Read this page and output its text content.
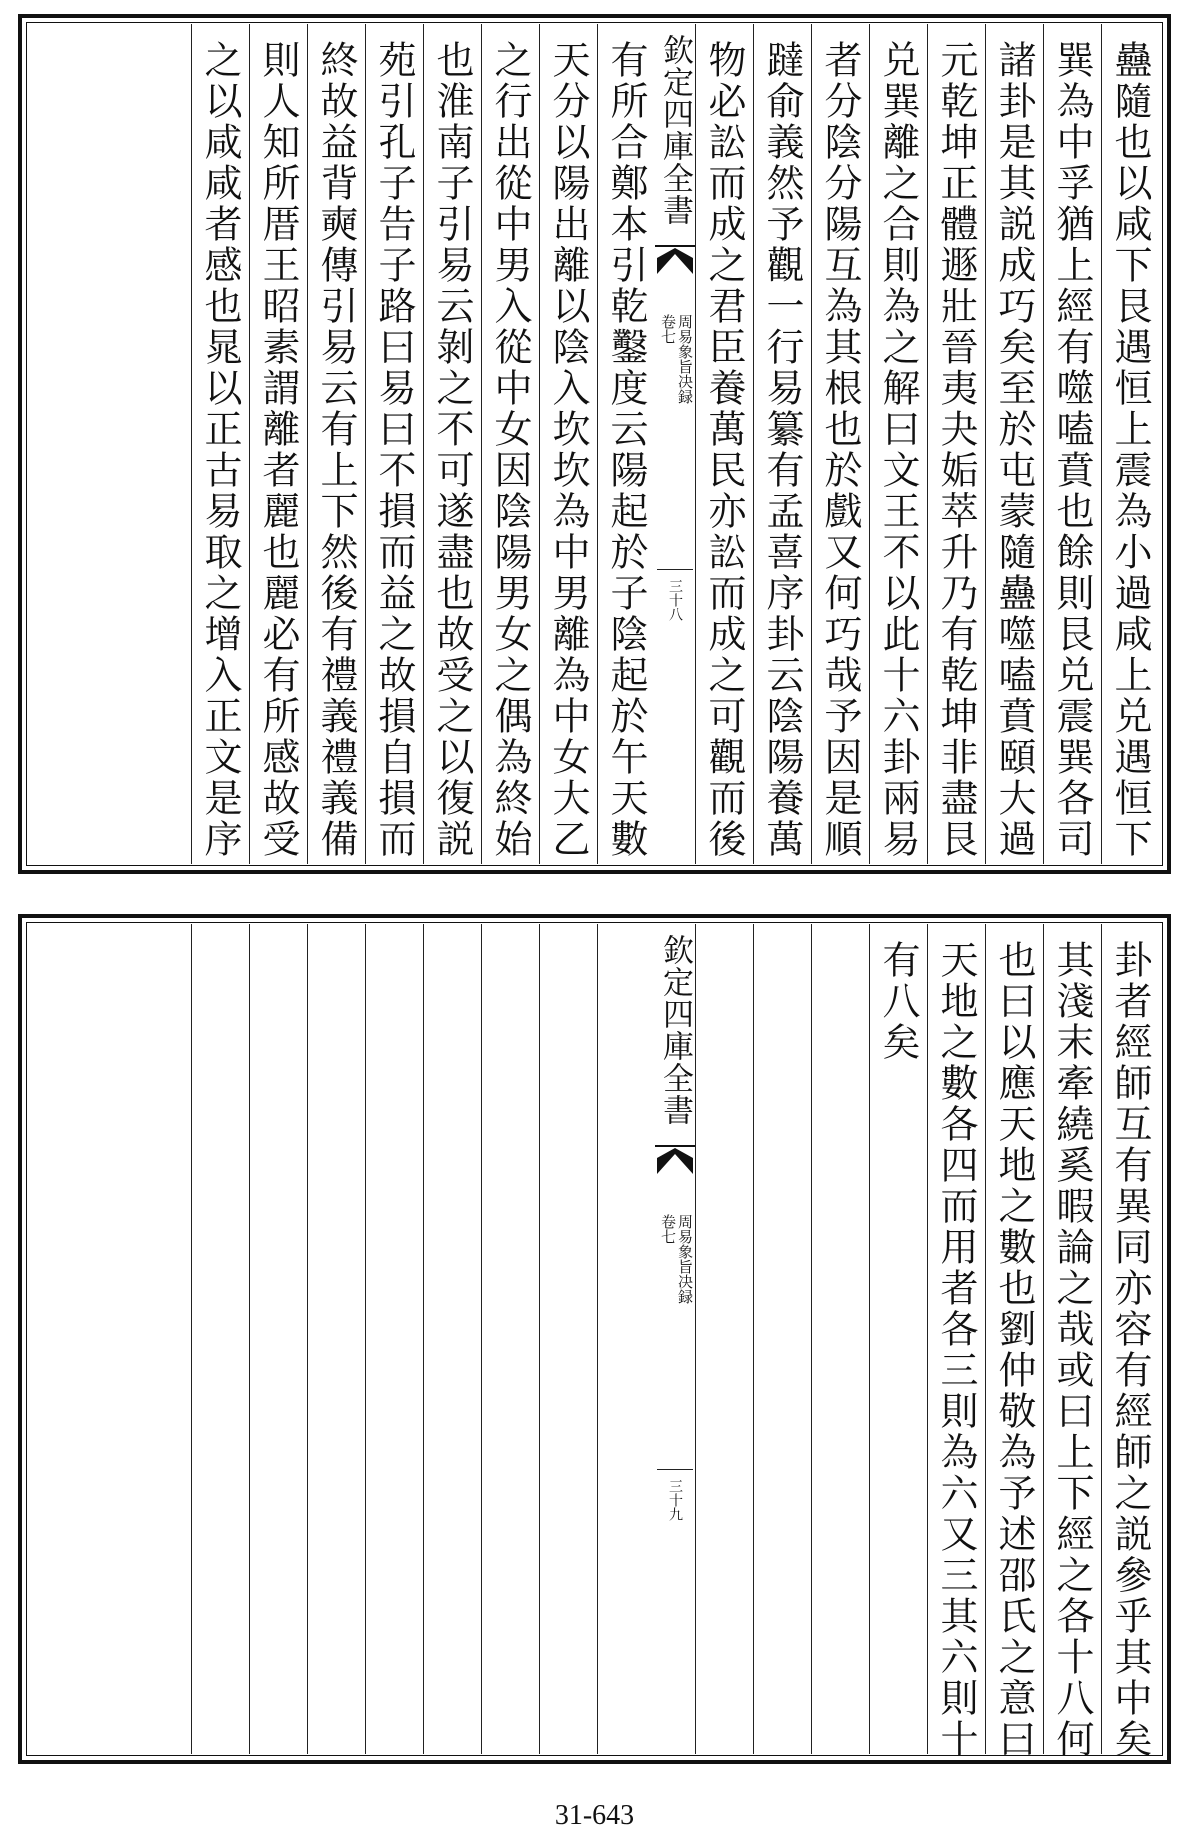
蠱隨也以咸下艮遇恒上震為小過咸上兑遇恒下
巽為中孚猶上經有噬嗑賁也餘則艮兑震巽各司
諸卦是其説成巧矣至於屯蒙隨蠱噬嗑賁頤大過
元乾坤正體遯壯晉夷夬姤萃升乃有乾坤非盡艮
兑巽離之合則為之解曰文王不以此十六卦兩易
者分陰分陽互為其根也於戲又何巧哉予因是順
躂俞義然予觀一行易纂有孟喜序卦云陰陽養萬
物必訟而成之君臣養萬民亦訟而成之可觀而後
有所合鄭本引乾鑿度云陽起於子陰起於午天數
天分以陽出離以陰入坎坎為中男離為中女大乙
之行出從中男入從中女因陰陽男女之偶為終始
也淮南子引易云剝之不可遂盡也故受之以復説
苑引孔子告子路曰易曰不損而益之故損自損而
終故益背奭傳引易云有上下然後有禮義禮義備
則人知所厝王昭素謂離者麗也麗必有所感故受
之以咸咸者感也晁以正古易取之增入正文是序	欽定四庫全書
周易象旨决録
卷七
三十八
卦者經師互有異同亦容有經師之説參乎其中矣
其淺末牽繞奚暇論之哉或曰上下經之各十八何
也曰以應天地之數也劉仲敬為予述邵氏之意曰
天地之數各四而用者各三則為六又三其六則十
有八矣
欽定四庫全書
周易象旨决録
卷七
三十九
31-643
